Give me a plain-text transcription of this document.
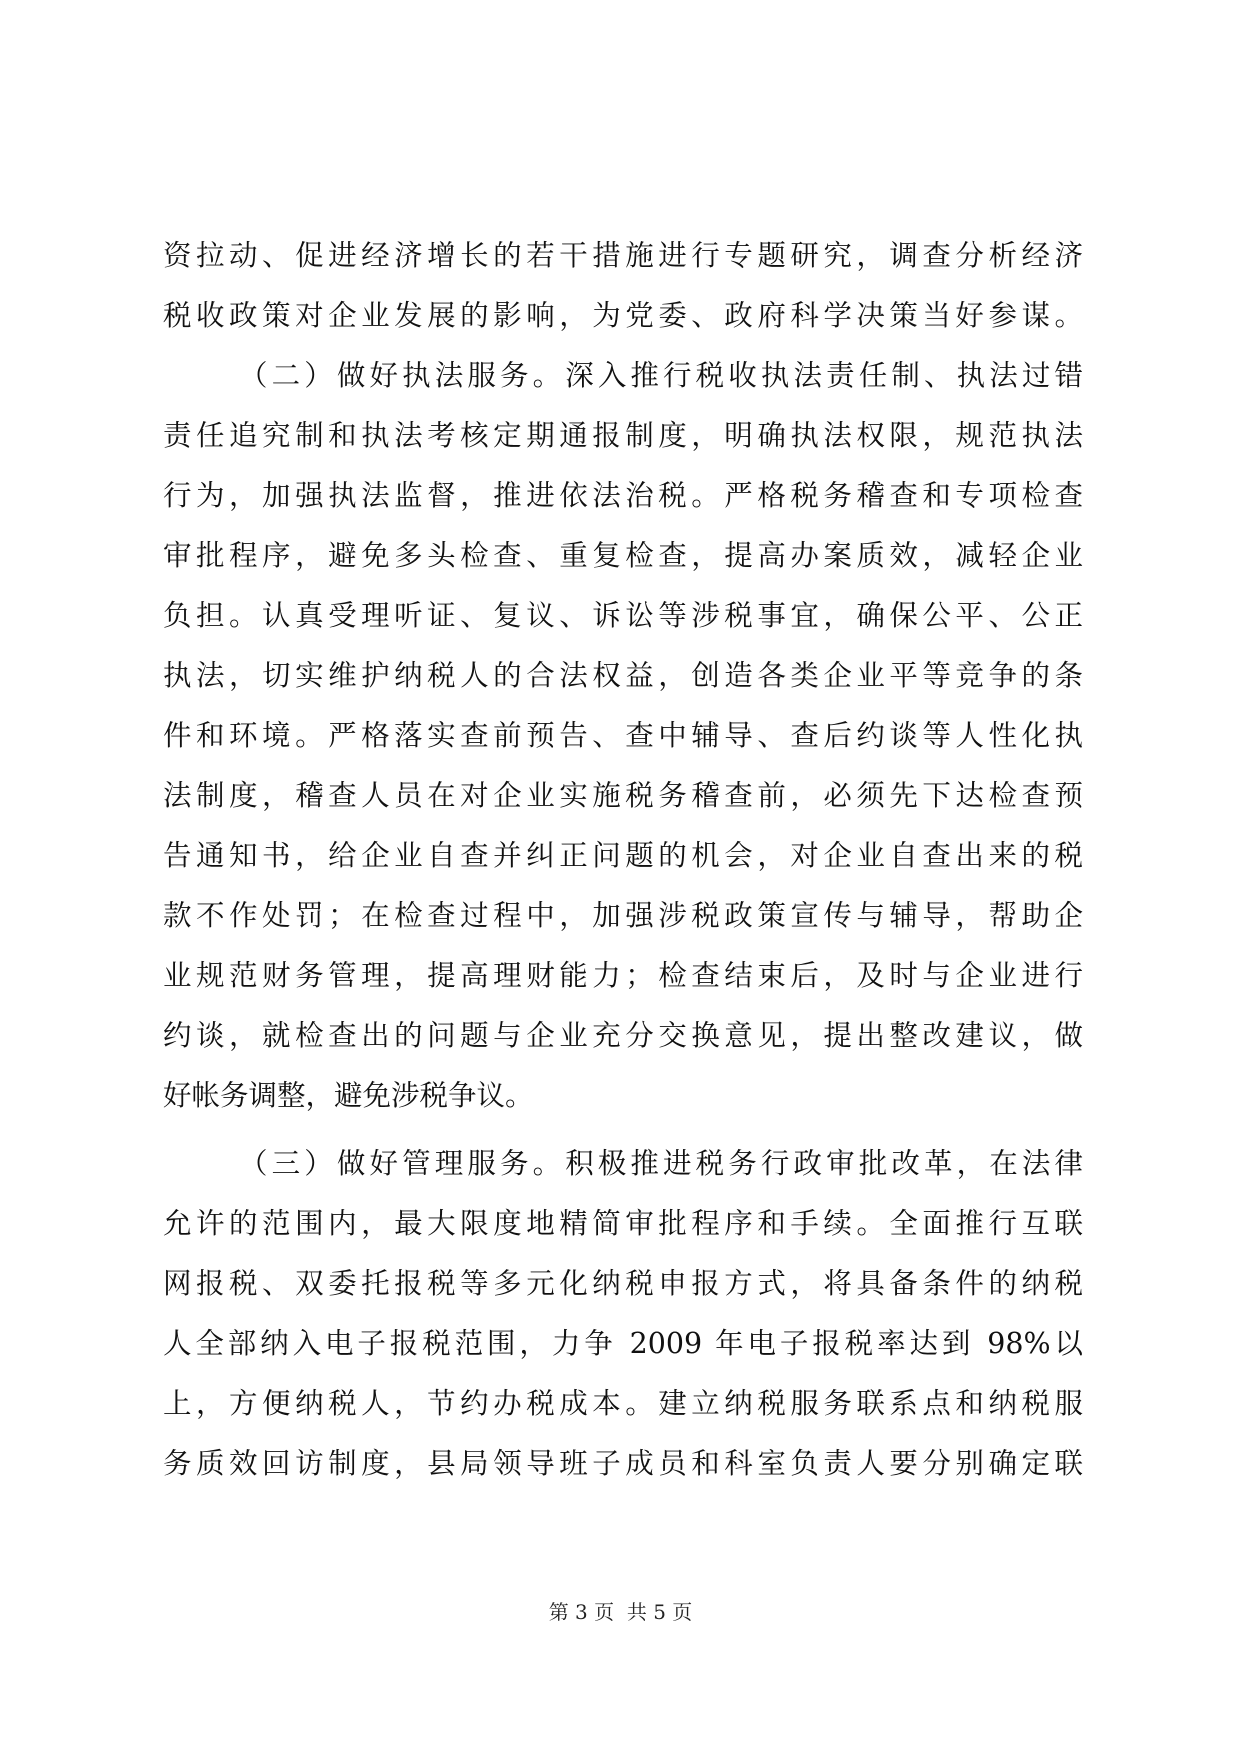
资拉动、促进经济增长的若干措施进行专题研究，调查分析经济
税收政策对企业发展的影响，为党委、政府科学决策当好参谋。
（二）做好执法服务。深入推行税收执法责任制、执法过错
责任追究制和执法考核定期通报制度，明确执法权限，规范执法
行为，加强执法监督，推进依法治税。严格税务稽查和专项检查
审批程序，避免多头检查、重复检查，提高办案质效，减轻企业
负担。认真受理听证、复议、诉讼等涉税事宜，确保公平、公正
执法，切实维护纳税人的合法权益，创造各类企业平等竞争的条
件和环境。严格落实查前预告、查中辅导、查后约谈等人性化执
法制度，稽查人员在对企业实施税务稽查前，必须先下达检查预
告通知书，给企业自查并纠正问题的机会，对企业自查出来的税
款不作处罚；在检查过程中，加强涉税政策宣传与辅导，帮助企
业规范财务管理，提高理财能力；检查结束后，及时与企业进行
约谈，就检查出的问题与企业充分交换意见，提出整改建议，做
好帐务调整，避免涉税争议。
（三）做好管理服务。积极推进税务行政审批改革，在法律
允许的范围内，最大限度地精简审批程序和手续。全面推行互联
网报税、双委托报税等多元化纳税申报方式，将具备条件的纳税
人全部纳入电子报税范围，力争 2009 年电子报税率达到 98%以
上，方便纳税人，节约办税成本。建立纳税服务联系点和纳税服
务质效回访制度，县局领导班子成员和科室负责人要分别确定联
第 3 页  共 5 页
